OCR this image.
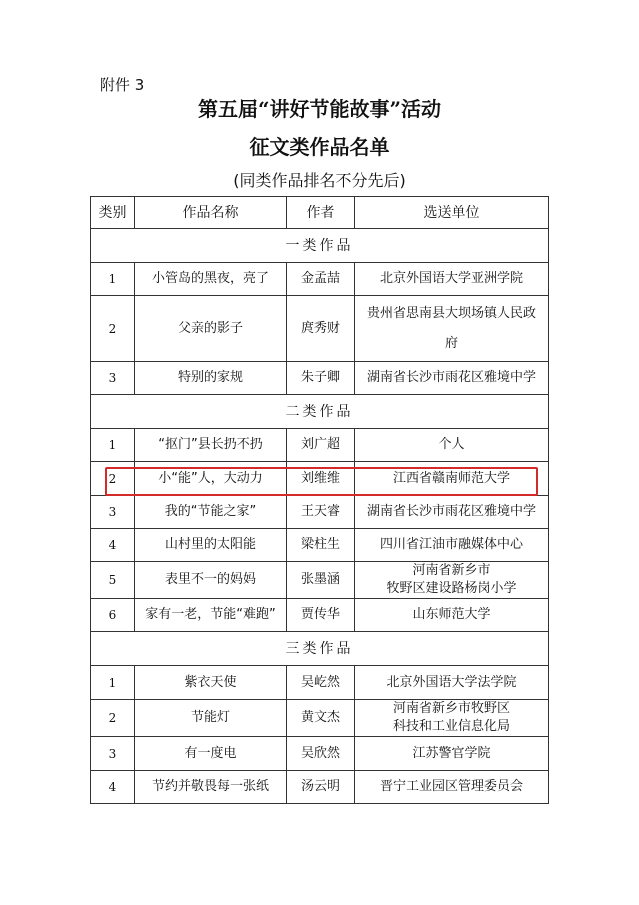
附件 3
第五届“讲好节能故事”活动
征文类作品名单
(同类作品排名不分先后)
类别	作品名称	作者	选送单位
一类作品			
1	小管岛的黑夜，亮了	金孟喆	北京外国语大学亚洲学院

2	父亲的影子	庹秀财	贵州省思南县大坝场镇人民政
府

3	特别的家规	朱子卿	湖南省长沙市雨花区雅境中学

二类作品			
1	“抠门”县长扔不扔	刘广超	个人

2	小“能”人，大动力	刘维维	江西省赣南师范大学

3	我的“节能之家”	王天睿	湖南省长沙市雨花区雅境中学

4	山村里的太阳能	梁柱生	四川省江油市融媒体中心

5	表里不一的妈妈	张墨涵	河南省新乡市
牧野区建设路杨岗小学

6	家有一老，节能“难跑”	贾传华	山东师范大学

三类作品			
1	紫衣天使	吴屹然	北京外国语大学法学院

2	节能灯	黄文杰	河南省新乡市牧野区
科技和工业信息化局

3	有一度电	吴欣然	江苏警官学院

4	节约并敬畏每一张纸	汤云明	晋宁工业园区管理委员会
